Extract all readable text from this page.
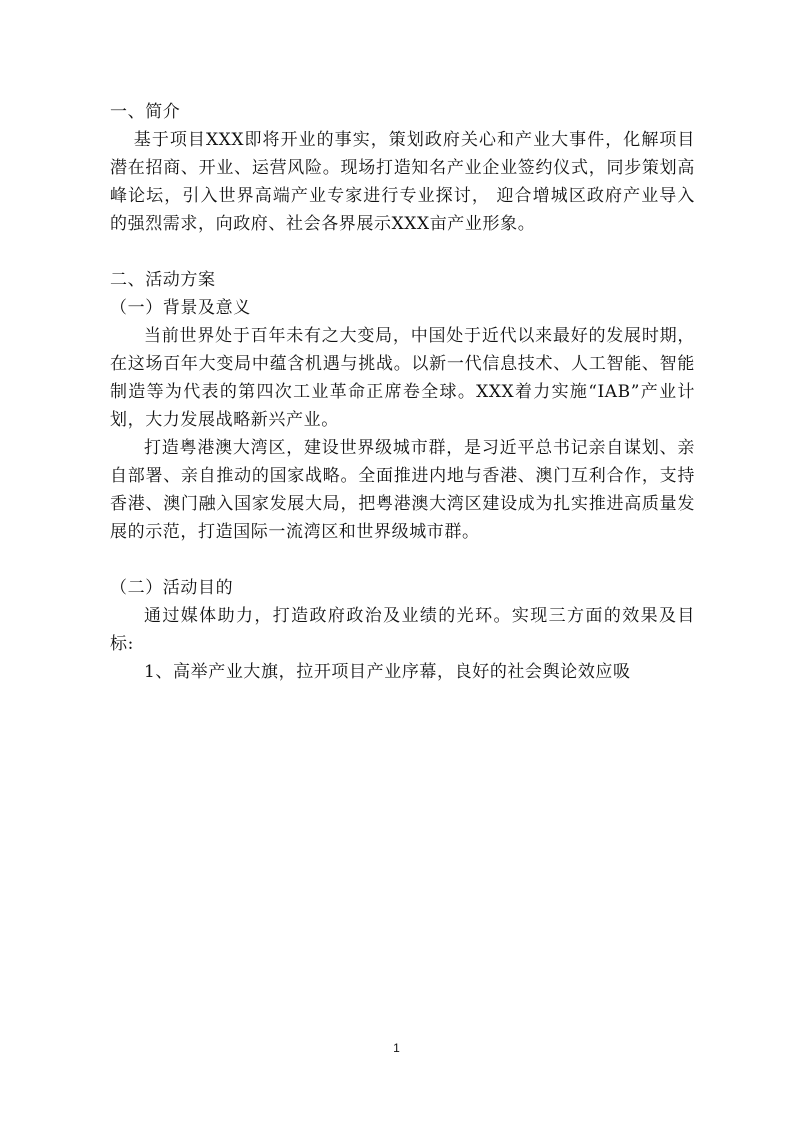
一、简介

基于项目XXX即将开业的事实，策划政府关心和产业大事件，化解项目潜在招商、开业、运营风险。现场打造知名产业企业签约仪式，同步策划高峰论坛，引入世界高端产业专家进行专业探讨， 迎合增城区政府产业导入的强烈需求，向政府、社会各界展示XXX亩产业形象。

二、活动方案
（一）背景及意义

当前世界处于百年未有之大变局，中国处于近代以来最好的发展时期，在这场百年大变局中蕴含机遇与挑战。以新一代信息技术、人工智能、智能制造等为代表的第四次工业革命正席卷全球。XXX着力实施“IAB”产业计划，大力发展战略新兴产业。

打造粤港澳大湾区，建设世界级城市群，是习近平总书记亲自谋划、亲自部署、亲自推动的国家战略。全面推进内地与香港、澳门互利合作，支持香港、澳门融入国家发展大局，把粤港澳大湾区建设成为扎实推进高质量发展的示范，打造国际一流湾区和世界级城市群。

（二）活动目的

通过媒体助力，打造政府政治及业绩的光环。实现三方面的效果及目标:

1、高举产业大旗，拉开项目产业序幕，良好的社会舆论效应吸

1
